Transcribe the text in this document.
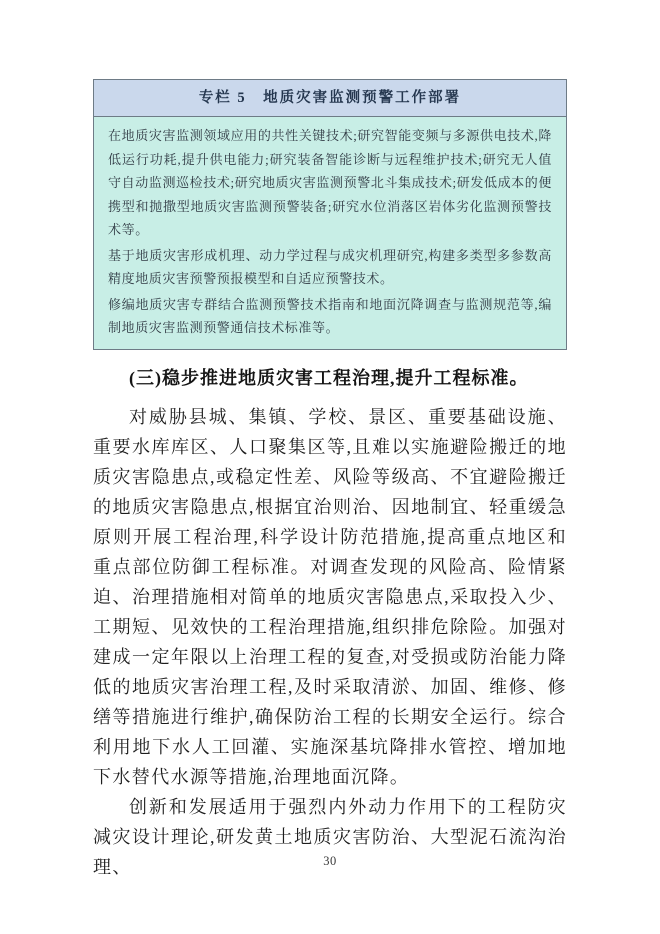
专栏 5　地质灾害监测预警工作部署

在地质灾害监测领域应用的共性关键技术;研究智能变频与多源供电技术,降低运行功耗,提升供电能力;研究装备智能诊断与远程维护技术;研究无人值守自动监测巡检技术;研究地质灾害监测预警北斗集成技术;研发低成本的便携型和抛撒型地质灾害监测预警装备;研究水位消落区岩体劣化监测预警技术等。

基于地质灾害形成机理、动力学过程与成灾机理研究,构建多类型多参数高精度地质灾害预警预报模型和自适应预警技术。

修编地质灾害专群结合监测预警技术指南和地面沉降调查与监测规范等,编制地质灾害监测预警通信技术标准等。

(三)稳步推进地质灾害工程治理,提升工程标准。

对威胁县城、集镇、学校、景区、重要基础设施、重要水库库区、人口聚集区等,且难以实施避险搬迁的地质灾害隐患点,或稳定性差、风险等级高、不宜避险搬迁的地质灾害隐患点,根据宜治则治、因地制宜、轻重缓急原则开展工程治理,科学设计防范措施,提高重点地区和重点部位防御工程标准。对调查发现的风险高、险情紧迫、治理措施相对简单的地质灾害隐患点,采取投入少、工期短、见效快的工程治理措施,组织排危除险。加强对建成一定年限以上治理工程的复查,对受损或防治能力降低的地质灾害治理工程,及时采取清淤、加固、维修、修缮等措施进行维护,确保防治工程的长期安全运行。综合利用地下水人工回灌、实施深基坑降排水管控、增加地下水替代水源等措施,治理地面沉降。

创新和发展适用于强烈内外动力作用下的工程防灾减灾设计理论,研发黄土地质灾害防治、大型泥石流沟治理、	30
